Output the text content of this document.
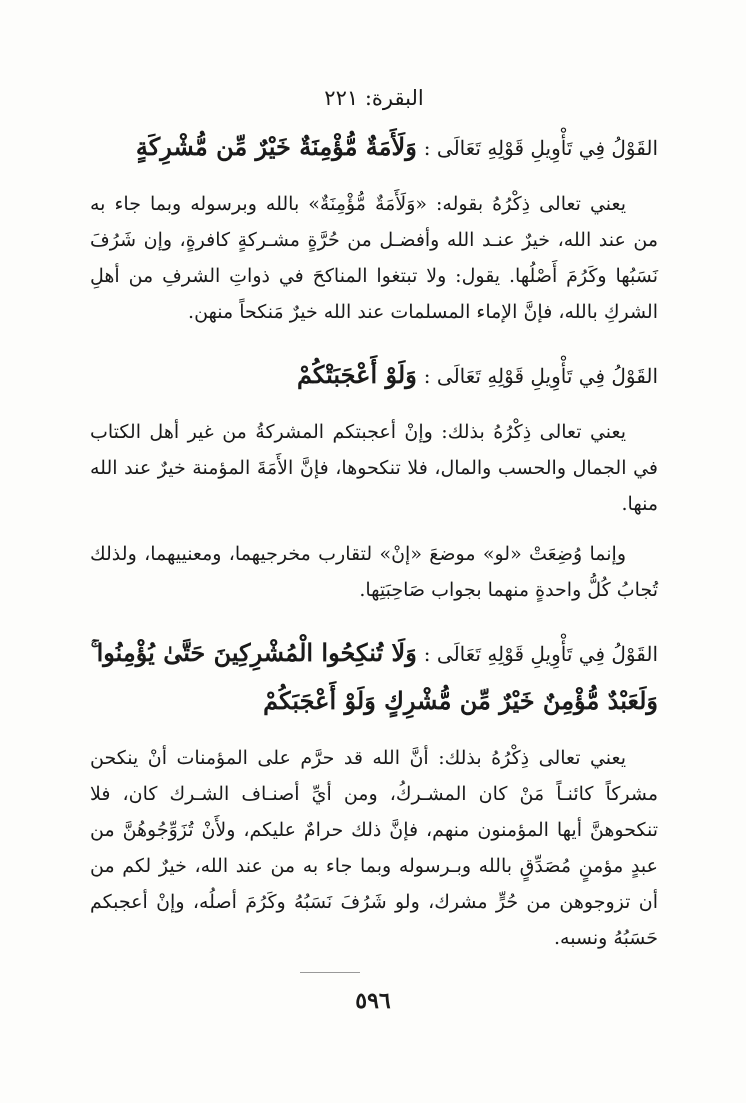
البقرة: ٢٢١
القَوْلُ فِي تَأْوِيلِ قَوْلِهِ تَعَالَى : وَلَأَمَةٌ مُّؤْمِنَةٌ خَيْرٌ مِّن مُّشْرِكَةٍ

يعني تعالى ذِكْرُهُ بقوله: «وَلَأَمَةٌ مُّؤْمِنَةٌ» بالله وبرسوله وبما جاء به من عند الله، خيرٌ عنـد الله وأفضـل من حُرَّةٍ مشـركةٍ كافرةٍ، وإن شَرُفَ نَسَبُها وكَرُمَ أَصْلُها. يقول: ولا تبتغوا المناكحَ في ذواتِ الشرفِ من أهلِ الشركِ بالله، فإنَّ الإماء المسلمات عند الله خيرٌ مَنكحاً منهن.

القَوْلُ فِي تَأْوِيلِ قَوْلِهِ تَعَالَى : وَلَوْ أَعْجَبَتْكُمْ

يعني تعالى ذِكْرُهُ بذلك: وإنْ أعجبتكم المشركةُ من غير أهل الكتاب في الجمال والحسب والمال، فلا تنكحوها، فإنَّ الأَمَةَ المؤمنة خيرٌ عند الله منها.

وإنما وُضِعَتْ «لو» موضعَ «إنْ» لتقارب مخرجيهما، ومعنييهما، ولذلك تُجابُ كُلُّ واحدةٍ منهما بجواب صَاحِبَتِها.

القَوْلُ فِي تَأْوِيلِ قَوْلِهِ تَعَالَى : وَلَا تُنكِحُوا الْمُشْرِكِينَ حَتَّىٰ يُؤْمِنُوا ۚ وَلَعَبْدٌ مُّؤْمِنٌ خَيْرٌ مِّن مُّشْرِكٍ وَلَوْ أَعْجَبَكُمْ

يعني تعالى ذِكْرُهُ بذلك: أنَّ الله قد حرَّم على المؤمنات أنْ ينكحن مشركاً كائنـاً مَنْ كان المشـركُ، ومن أيِّ أصنـاف الشـرك كان، فلا تنكحوهنَّ أيها المؤمنون منهم، فإنَّ ذلك حرامٌ عليكم، ولأَنْ تُزَوِّجُوهُنَّ من عبدٍ مؤمنٍ مُصَدِّقٍ بالله وبـرسوله وبما جاء به من عند الله، خيرٌ لكم من أن تزوجوهن من حُرٍّ مشرك، ولو شَرُفَ نَسَبُهُ وكَرُمَ أصلُه، وإنْ أعجبكم حَسَبُهُ ونسبه.

٥٩٦
